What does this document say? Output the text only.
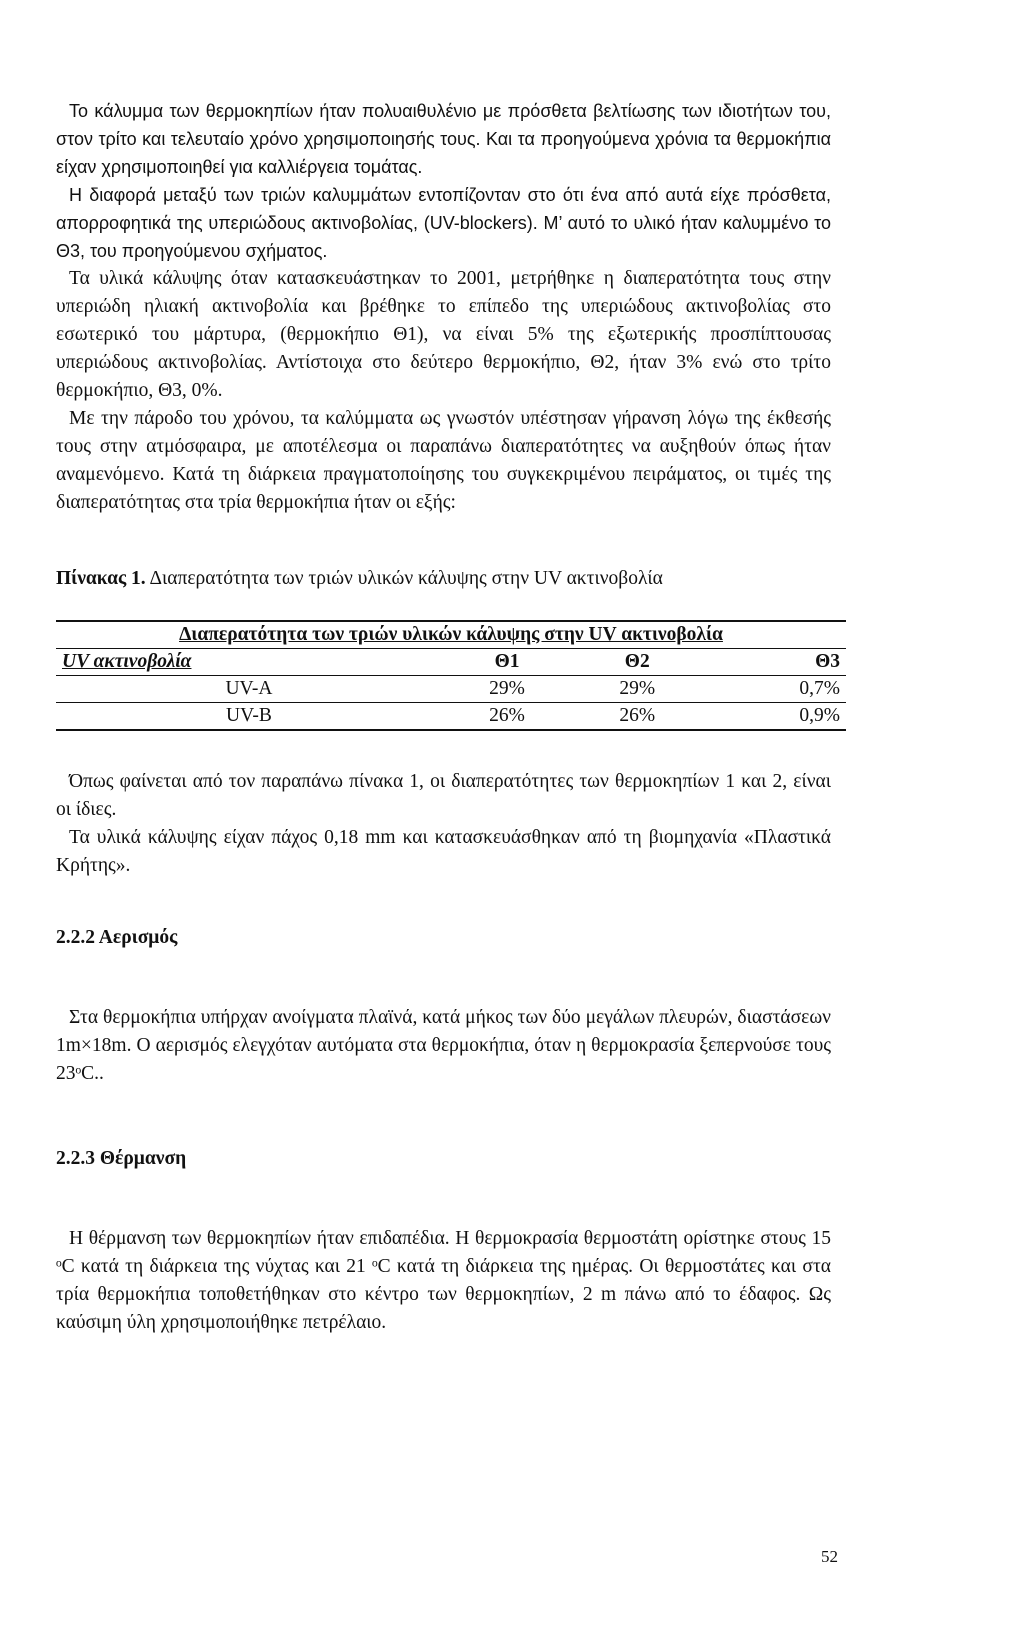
Το κάλυμμα των θερμοκηπίων ήταν πολυαιθυλένιο με πρόσθετα βελτίωσης των ιδιοτήτων του, στον τρίτο και τελευταίο χρόνο χρησιμοποιησής τους. Και τα προηγούμενα χρόνια τα θερμοκήπια είχαν χρησιμοποιηθεί για καλλιέργεια τομάτας.

Η διαφορά μεταξύ των τριών καλυμμάτων εντοπίζονταν στο ότι ένα από αυτά είχε πρόσθετα, απορροφητικά της υπεριώδους ακτινοβολίας, (UV-blockers). Μ’ αυτό το υλικό ήταν καλυμμένο το Θ3, του προηγούμενου σχήματος.

Τα υλικά κάλυψης όταν κατασκευάστηκαν το 2001, μετρήθηκε η διαπερατότητα τους στην υπεριώδη ηλιακή ακτινοβολία και βρέθηκε το επίπεδο της υπεριώδους ακτινοβολίας στο εσωτερικό του μάρτυρα, (θερμοκήπιο Θ1), να είναι 5% της εξωτερικής προσπίπτουσας υπεριώδους ακτινοβολίας. Αντίστοιχα στο δεύτερο θερμοκήπιο, Θ2, ήταν 3% ενώ στο τρίτο θερμοκήπιο, Θ3, 0%.

Με την πάροδο του χρόνου, τα καλύμματα ως γνωστόν υπέστησαν γήρανση λόγω της έκθεσής τους στην ατμόσφαιρα, με αποτέλεσμα οι παραπάνω διαπερατότητες να αυξηθούν όπως ήταν αναμενόμενο. Κατά τη διάρκεια πραγματοποίησης του συγκεκριμένου πειράματος, οι τιμές της διαπερατότητας στα τρία θερμοκήπια ήταν οι εξής:

Πίνακας 1. Διαπερατότητα των τριών υλικών κάλυψης στην UV ακτινοβολία
Διαπερατότητα των τριών υλικών κάλυψης στην UV ακτινοβολία			
UV ακτινοβολία	Θ1	Θ2	Θ3
UV-A	29%	29%	0,7%
UV-B	26%	26%	0,9%

Όπως φαίνεται από τον παραπάνω πίνακα 1, οι διαπερατότητες των θερμοκηπίων 1 και 2, είναι οι ίδιες.

Τα υλικά κάλυψης είχαν πάχος 0,18 mm και κατασκευάσθηκαν από τη βιομηχανία «Πλαστικά Κρήτης».

2.2.2 Αερισμός

Στα θερμοκήπια υπήρχαν ανοίγματα πλαϊνά, κατά μήκος των δύο μεγάλων πλευρών, διαστάσεων 1m×18m. Ο αερισμός ελεγχόταν αυτόματα στα θερμοκήπια, όταν η θερμοκρασία ξεπερνούσε τους 23ᵒC..

2.2.3 Θέρμανση

Η θέρμανση των θερμοκηπίων ήταν επιδαπέδια. Η θερμοκρασία θερμοστάτη ορίστηκε στους 15 ᵒC κατά τη διάρκεια της νύχτας και 21 ᵒC κατά τη διάρκεια της ημέρας. Οι θερμοστάτες και στα τρία θερμοκήπια τοποθετήθηκαν στο κέντρο των θερμοκηπίων, 2 m πάνω από το έδαφος. Ως καύσιμη ύλη χρησιμοποιήθηκε πετρέλαιο.

52
